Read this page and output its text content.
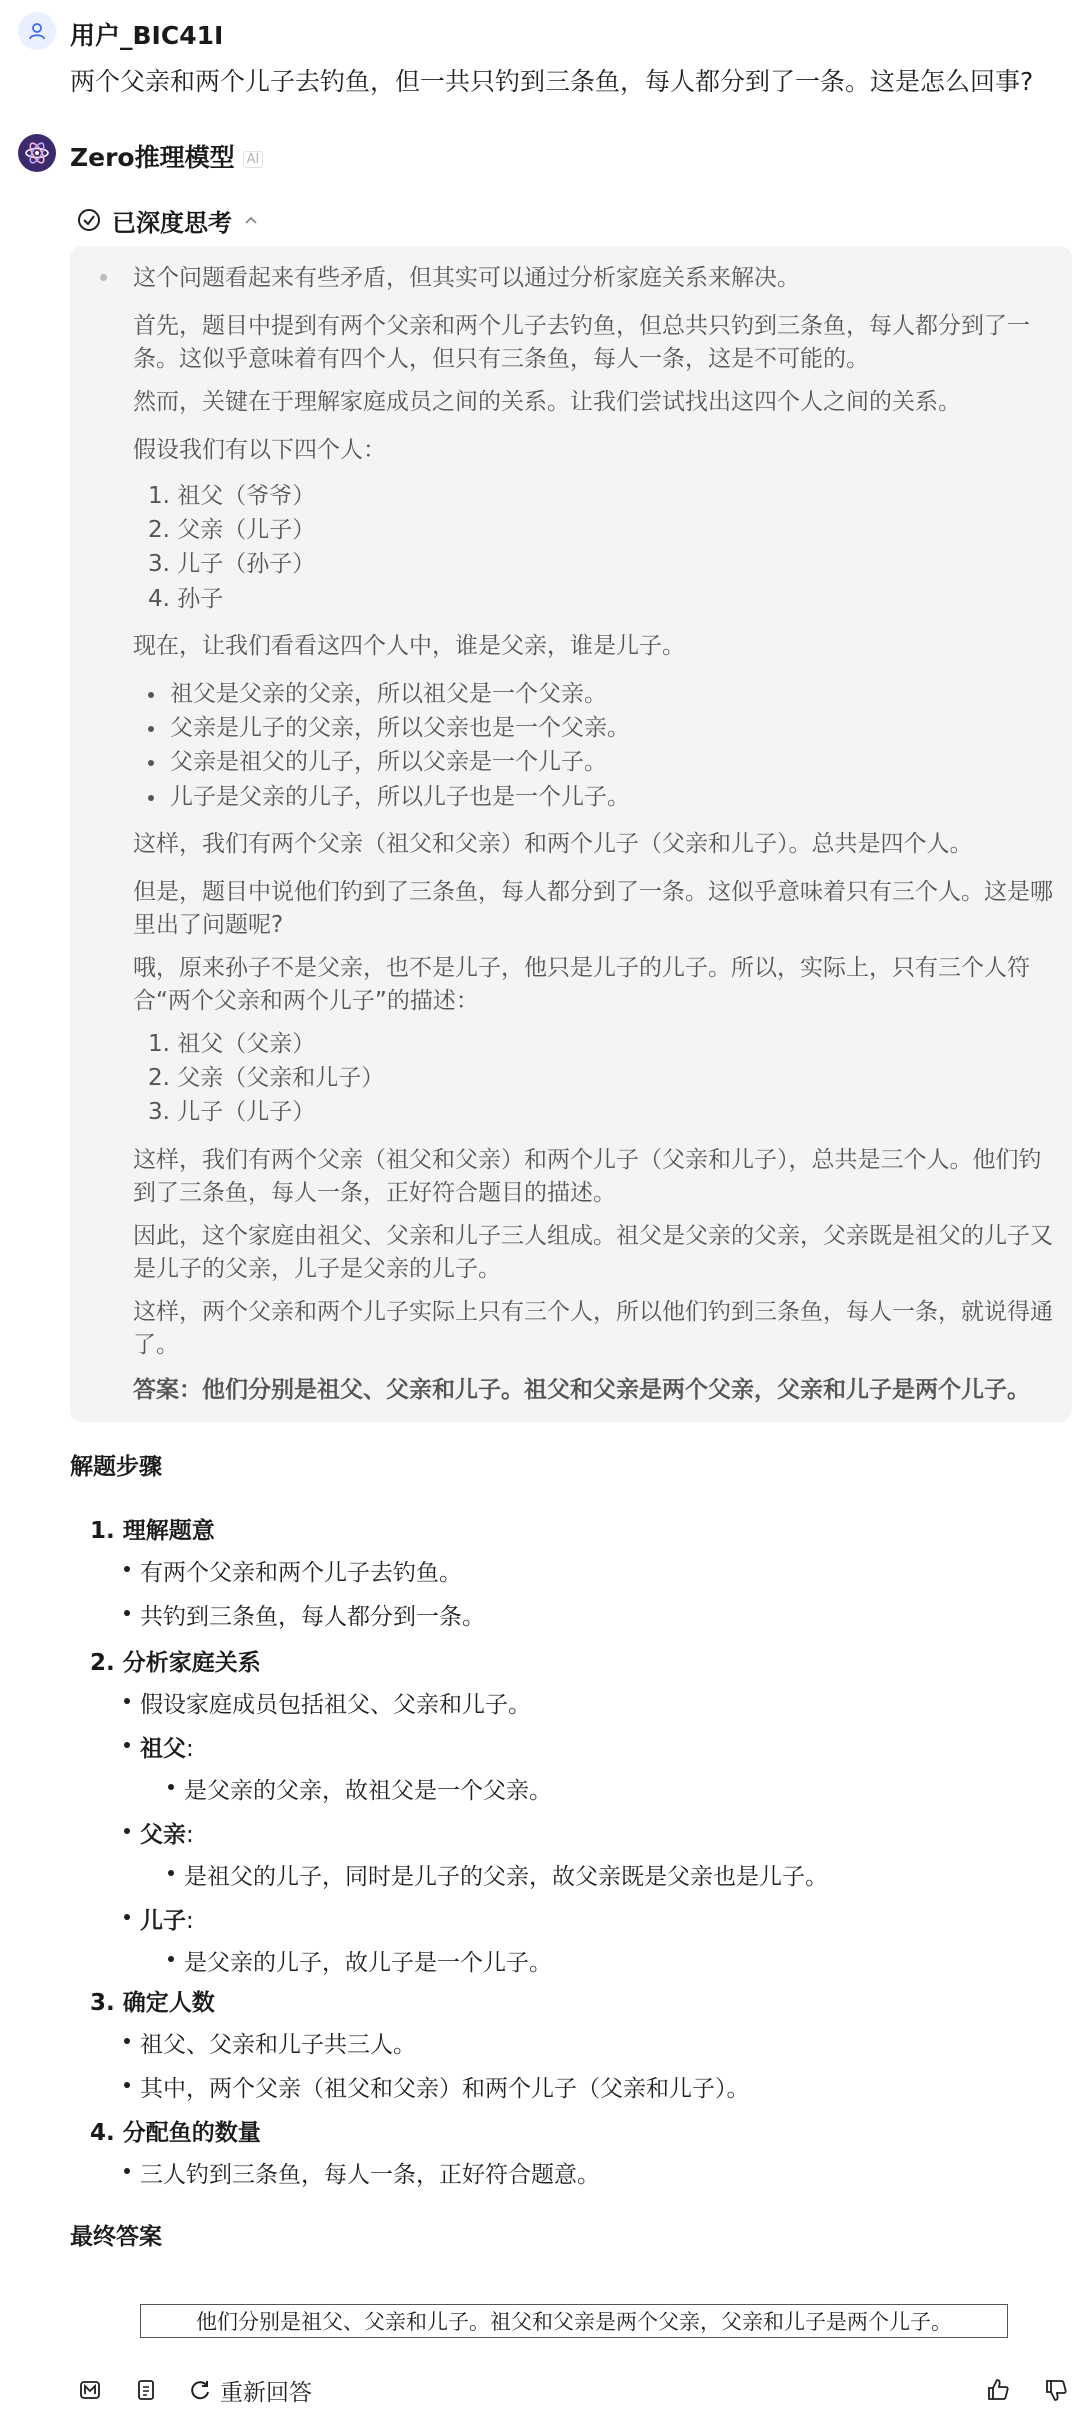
用户_BIC41I
两个父亲和两个儿子去钓鱼，但一共只钓到三条鱼，每人都分到了一条。这是怎么回事?
Zero推理模型 AI
已深度思考
这个问题看起来有些矛盾，但其实可以通过分析家庭关系来解决。
首先，题目中提到有两个父亲和两个儿子去钓鱼，但总共只钓到三条鱼，每人都分到了一条。这似乎意味着有四个人，但只有三条鱼，每人一条，这是不可能的。
然而，关键在于理解家庭成员之间的关系。让我们尝试找出这四个人之间的关系。
假设我们有以下四个人：
1. 祖父（爷爷）
2. 父亲（儿子）
3. 儿子（孙子）
4. 孙子
现在，让我们看看这四个人中，谁是父亲，谁是儿子。
祖父是父亲的父亲，所以祖父是一个父亲。
父亲是儿子的父亲，所以父亲也是一个父亲。
父亲是祖父的儿子，所以父亲是一个儿子。
儿子是父亲的儿子，所以儿子也是一个儿子。
这样，我们有两个父亲（祖父和父亲）和两个儿子（父亲和儿子）。总共是四个人。
但是，题目中说他们钓到了三条鱼，每人都分到了一条。这似乎意味着只有三个人。这是哪里出了问题呢?
哦，原来孙子不是父亲，也不是儿子，他只是儿子的儿子。所以，实际上，只有三个人符合“两个父亲和两个儿子”的描述：
1. 祖父（父亲）
2. 父亲（父亲和儿子）
3. 儿子（儿子）
这样，我们有两个父亲（祖父和父亲）和两个儿子（父亲和儿子），总共是三个人。他们钓到了三条鱼，每人一条，正好符合题目的描述。
因此，这个家庭由祖父、父亲和儿子三人组成。祖父是父亲的父亲，父亲既是祖父的儿子又是儿子的父亲，儿子是父亲的儿子。
这样，两个父亲和两个儿子实际上只有三个人，所以他们钓到三条鱼，每人一条，就说得通了。
答案：他们分别是祖父、父亲和儿子。祖父和父亲是两个父亲，父亲和儿子是两个儿子。
解题步骤
1. 理解题意
有两个父亲和两个儿子去钓鱼。
共钓到三条鱼，每人都分到一条。
2. 分析家庭关系
假设家庭成员包括祖父、父亲和儿子。
祖父:
是父亲的父亲，故祖父是一个父亲。
父亲:
是祖父的儿子，同时是儿子的父亲，故父亲既是父亲也是儿子。
儿子:
是父亲的儿子，故儿子是一个儿子。
3. 确定人数
祖父、父亲和儿子共三人。
其中，两个父亲（祖父和父亲）和两个儿子（父亲和儿子）。
4. 分配鱼的数量
三人钓到三条鱼，每人一条，正好符合题意。
最终答案
他们分别是祖父、父亲和儿子。祖父和父亲是两个父亲，父亲和儿子是两个儿子。
重新回答
